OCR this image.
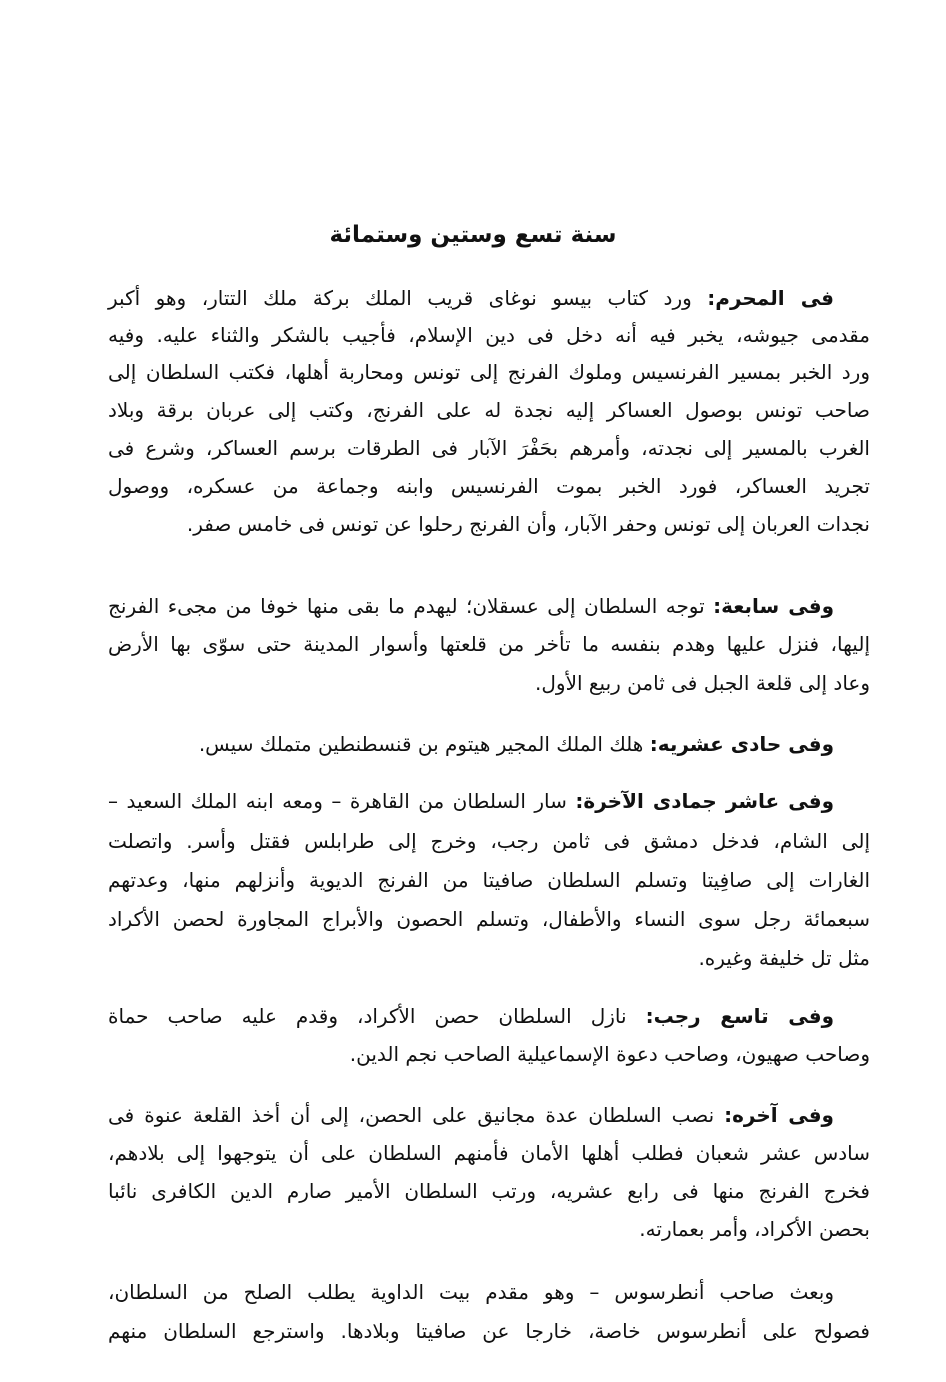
سنة تسع وستين وستمائة
فى المحرم: ورد كتاب بيسو نوغاى قريب الملك بركة ملك التتار، وهو أكبر
مقدمى جيوشه، يخبر فيه أنه دخل فى دين الإسلام، فأجيب بالشكر والثناء عليه. وفيه
ورد الخبر بمسير الفرنسيس وملوك الفرنج إلى تونس ومحاربة أهلها، فكتب السلطان إلى
صاحب تونس بوصول العساكر إليه نجدة له على الفرنج، وكتب إلى عربان برقة وبلاد
الغرب بالمسير إلى نجدته، وأمرهم بحَفْرَ الآبار فى الطرقات برسم العساكر، وشرع فى
تجريد العساكر، فورد الخبر بموت الفرنسيس وابنه وجماعة من عسكره، ووصول
نجدات العربان إلى تونس وحفر الآبار، وأن الفرنج رحلوا عن تونس فى خامس صفر.
وفى سابعة: توجه السلطان إلى عسقلان؛ ليهدم ما بقى منها خوفا من مجىء الفرنج
إليها، فنزل عليها وهدم بنفسه ما تأخر من قلعتها وأسوار المدينة حتى سوّى بها الأرض
وعاد إلى قلعة الجبل فى ثامن ربيع الأول.
وفى حادى عشريه: هلك الملك المجير هيتوم بن قنسطنطين متملك سيس.
وفى عاشر جمادى الآخرة: سار السلطان من القاهرة – ومعه ابنه الملك السعيد –
إلى الشام، فدخل دمشق فى ثامن رجب، وخرج إلى طرابلس فقتل وأسر. واتصلت
الغارات إلى صافِيتا وتسلم السلطان صافيتا من الفرنج الديوية وأنزلهم منها، وعدتهم
سبعمائة رجل سوى النساء والأطفال، وتسلم الحصون والأبراج المجاورة لحصن الأكراد
مثل تل خليفة وغيره.
وفى تاسع رجب: نازل السلطان حصن الأكراد، وقدم عليه صاحب حماة
وصاحب صهيون، وصاحب دعوة الإسماعيلية الصاحب نجم الدين.
وفى آخره: نصب السلطان عدة مجانيق على الحصن، إلى أن أخذ القلعة عنوة فى
سادس عشر شعبان فطلب أهلها الأمان فأمنهم السلطان على أن يتوجهوا إلى بلادهم،
فخرج الفرنج منها فى رابع عشريه، ورتب السلطان الأمير صارم الدين الكافرى نائبا
بحصن الأكراد، وأمر بعمارته.
وبعث صاحب أنطرسوس – وهو مقدم بيت الداوية يطلب الصلح من السلطان،
فصولح على أنطرسوس خاصة، خارجا عن صافيتا وبلادها. واسترجع السلطان منهم
